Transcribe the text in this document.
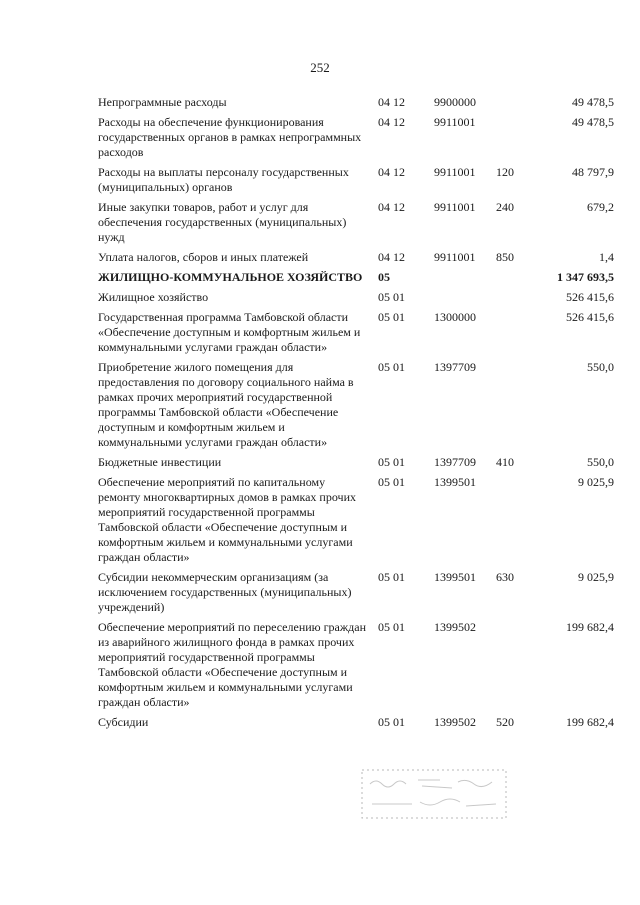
252
Непрограммные расходы	04 12	9900000		49 478,5
Расходы на обеспечение функционирования государственных органов в рамках непрограммных расходов	04 12	9911001		49 478,5
Расходы на выплаты персоналу государственных (муниципальных) органов	04 12	9911001	120	48 797,9
Иные закупки товаров, работ и услуг для обеспечения государственных (муниципальных) нужд	04 12	9911001	240	679,2
Уплата налогов, сборов и иных платежей	04 12	9911001	850	1,4
ЖИЛИЩНО-КОММУНАЛЬНОЕ ХОЗЯЙСТВО	05			1 347 693,5
Жилищное хозяйство	05 01			526 415,6
Государственная программа Тамбовской области «Обеспечение доступным и комфортным жильем и коммунальными услугами граждан области»	05 01	1300000		526 415,6
Приобретение жилого помещения для предоставления по договору социального найма в рамках прочих мероприятий государственной программы Тамбовской области «Обеспечение доступным и комфортным жильем и коммунальными услугами граждан области»	05 01	1397709		550,0
Бюджетные инвестиции	05 01	1397709	410	550,0
Обеспечение мероприятий по капитальному ремонту многоквартирных домов в рамках прочих мероприятий государственной программы Тамбовской области «Обеспечение доступным и комфортным жильем и коммунальными услугами граждан области»	05 01	1399501		9 025,9
Субсидии некоммерческим организациям (за исключением государственных (муниципальных) учреждений)	05 01	1399501	630	9 025,9
Обеспечение мероприятий по переселению граждан из аварийного жилищного фонда в рамках прочих мероприятий государственной программы Тамбовской области «Обеспечение доступным и комфортным жильем и коммунальными услугами граждан области»	05 01	1399502		199 682,4
Субсидии	05 01	1399502	520	199 682,4
